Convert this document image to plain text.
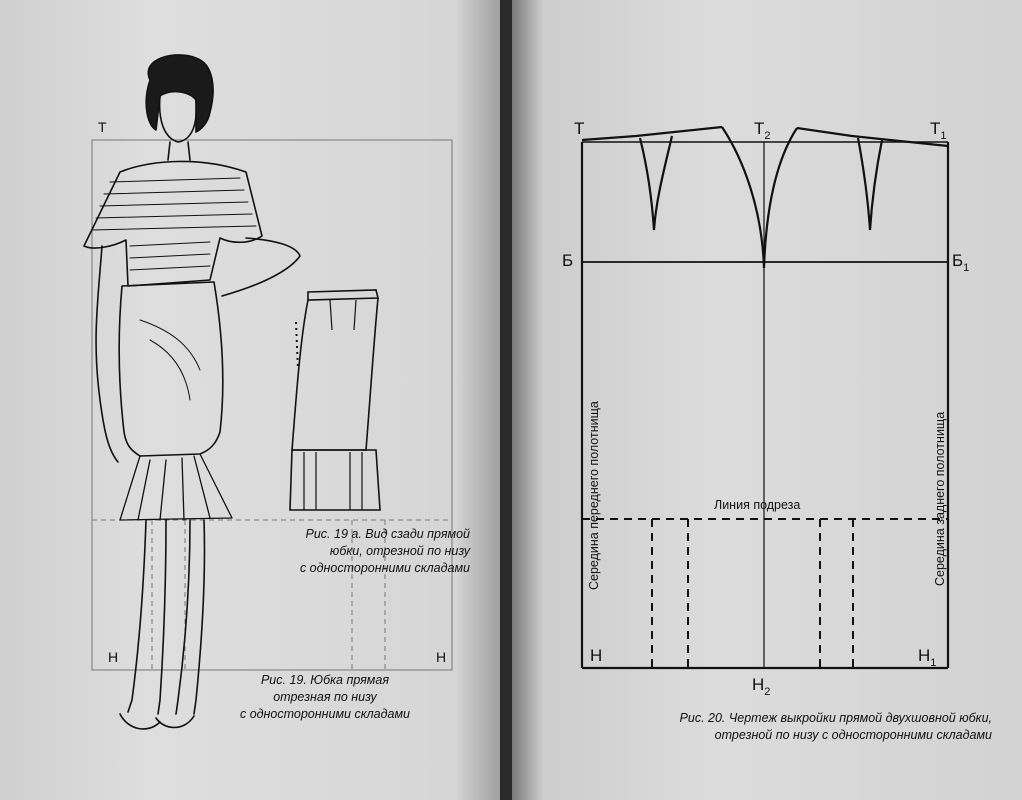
Т
Н	Н
Рис. 19 а. Вид сзади прямой
юбки, отрезной по низу
с односторонними складами
Рис. 19. Юбка прямая
отрезная по низу
с односторонними складами
Т	$Т_2$	$Т_1$
Б	$Б_1$
Н
$Н_2$
$Н_1$
Линия подреза
Середина переднего полотнища	Середина заднего полотнища
Рис. 20. Чертеж выкройки прямой двухшовной юбки,
отрезной по низу с односторонними складами
